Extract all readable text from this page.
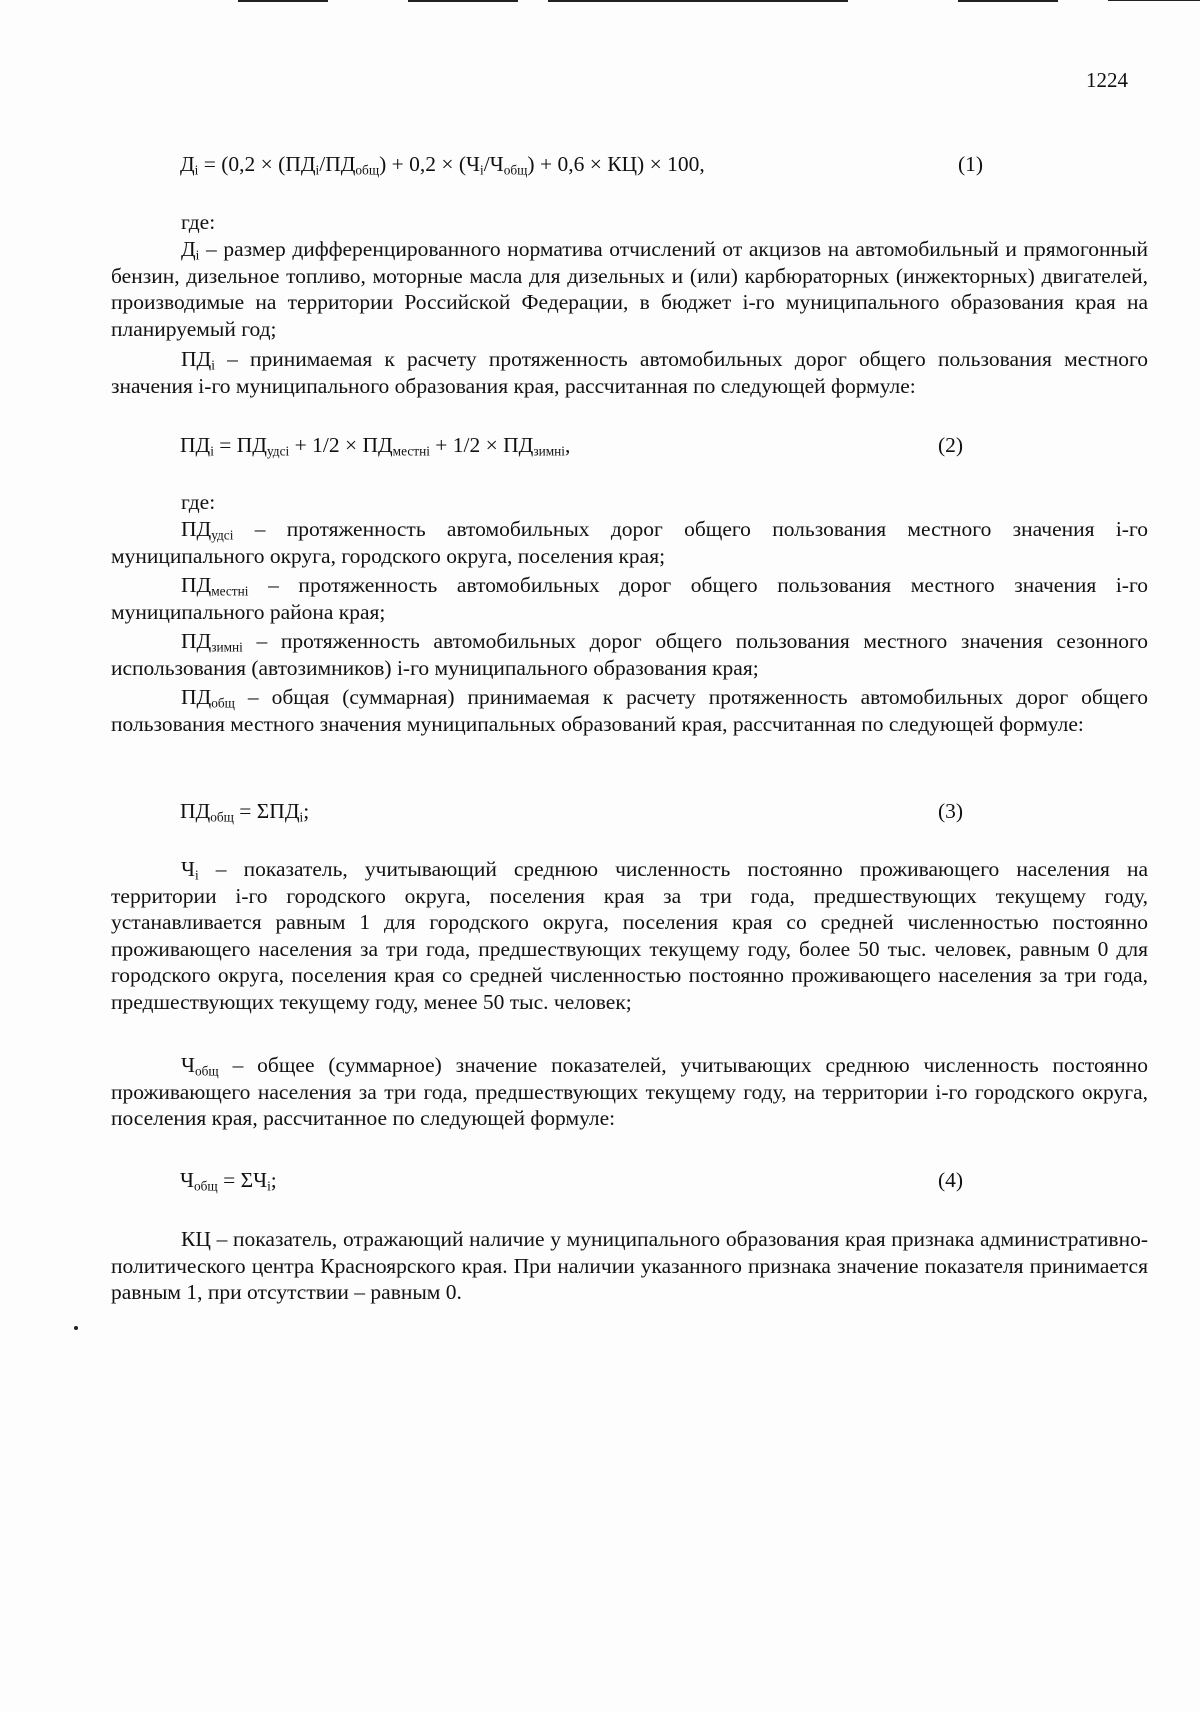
1224
$Д_i = (0,2 \times (ПД_i/ПД_{общ}) + 0,2 \times (Ч_i/Ч_{общ}) + 0,6 \times КЦ) \times 100$,	(1)

где:

$Д_i$ – размер дифференцированного норматива отчислений от акцизов на автомобильный и прямогонный бензин, дизельное топливо, моторные масла для дизельных и (или) карбюраторных (инжекторных) двигателей, производимые на территории Российской Федерации, в бюджет i-го муниципального образования края на планируемый год;

$ПД_i$ – принимаемая к расчету протяженность автомобильных дорог общего пользования местного значения i-го муниципального образования края, рассчитанная по следующей формуле:

$ПД_i = ПД_{удсi} + 1/2 \times ПД_{местнi} + 1/2 \times ПД_{зимнi}$,	(2)

где:

$ПД_{удсi}$ – протяженность автомобильных дорог общего пользования местного значения i-го муниципального округа, городского округа, поселения края;

$ПД_{местнi}$ – протяженность автомобильных дорог общего пользования местного значения i-го муниципального района края;

$ПД_{зимнi}$ – протяженность автомобильных дорог общего пользования местного значения сезонного использования (автозимников) i-го муниципального образования края;

$ПД_{общ}$ – общая (суммарная) принимаемая к расчету протяженность автомобильных дорог общего пользования местного значения муниципальных образований края, рассчитанная по следующей формуле:

$ПД_{общ} = \Sigma ПД_i$;	(3)

$Ч_i$ – показатель, учитывающий среднюю численность постоянно проживающего населения на территории i-го городского округа, поселения края за три года, предшествующих текущему году, устанавливается равным 1 для городского округа, поселения края со средней численностью постоянно проживающего населения за три года, предшествующих текущему году, более 50 тыс. человек, равным 0 для городского округа, поселения края со средней численностью постоянно проживающего населения за три года, предшествующих текущему году, менее 50 тыс. человек;

$Ч_{общ}$ – общее (суммарное) значение показателей, учитывающих среднюю численность постоянно проживающего населения за три года, предшествующих текущему году, на территории i-го городского округа, поселения края, рассчитанное по следующей формуле:

$Ч_{общ} = \Sigma Ч_i$;	(4)

КЦ – показатель, отражающий наличие у муниципального образования края признака административно-политического центра Красноярского края. При наличии указанного признака значение показателя принимается равным 1, при отсутствии – равным 0.
